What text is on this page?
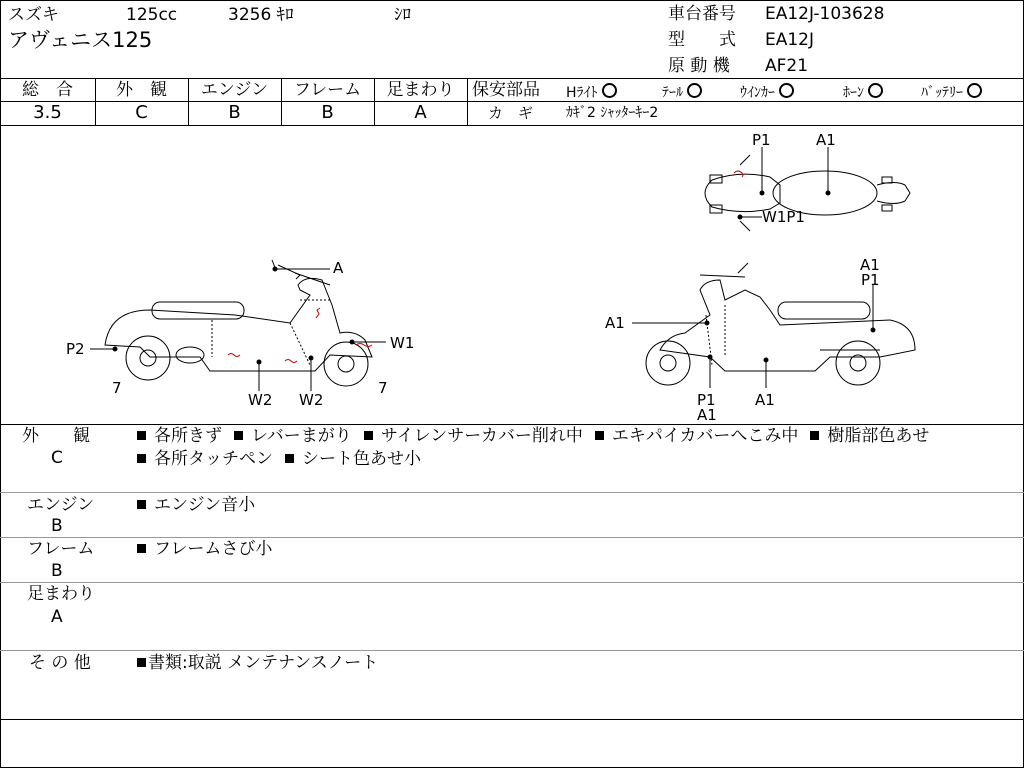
スズキ	125cc	3256 ｷﾛ	ｼﾛ
アヴェニス125
車台番号 EA12J-103628
型　　式 EA12J
原 動 機 AF21
総　合	外　観	エンジン	フレーム	足まわり
3.5	C	B	B	A
保安部品 Hﾗｲﾄ	ﾃｰﾙ	ｳｲﾝｶｰ	ﾎｰﾝ	ﾊﾞｯﾃﾘｰ
カ　ギ ｶｷﾞ2 ｼｬｯﾀｰｷｰ2
A
P2	W1
W2 W2
7	7
P1	A1
W1P1
A1
P1
A1
P1
A1
A1
外　　観
C
各所きず レバーまがり サイレンサーカバー削れ中 エキパイカバーへこみ中 樹脂部色あせ
各所タッチペン シート色あせ小
エンジン
B
エンジン音小
フレーム
B
フレームさび小
足まわり
A
そ の 他	書類:取説 メンテナンスノート
